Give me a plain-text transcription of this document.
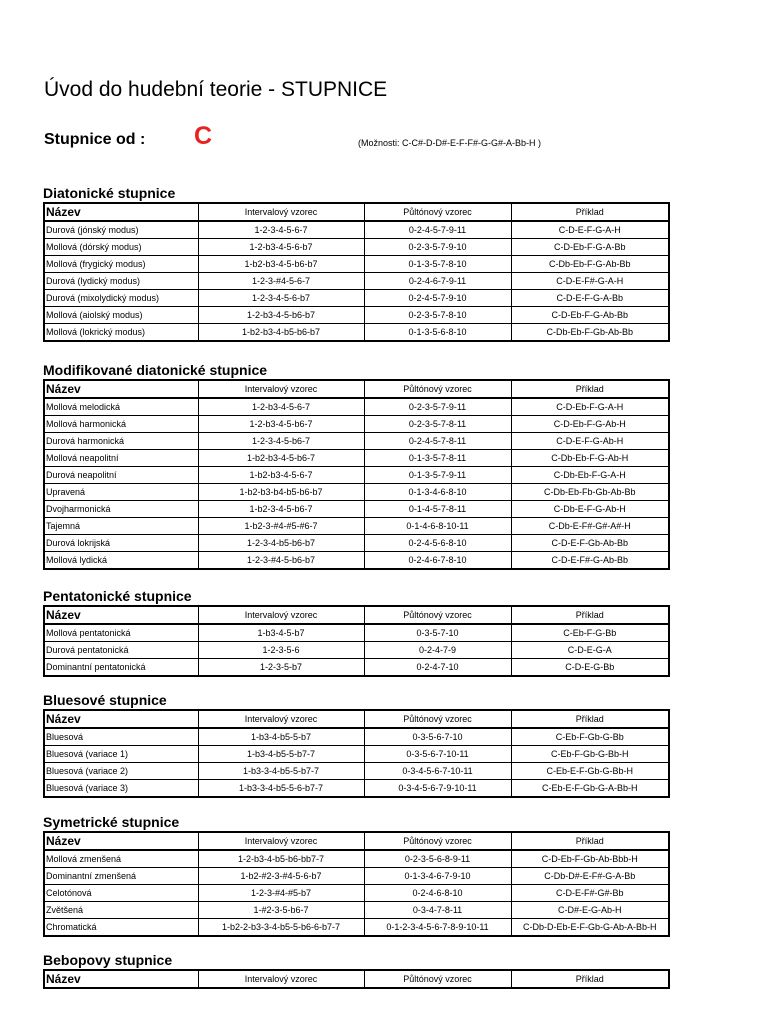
Úvod do hudební teorie - STUPNICE
Stupnice od : C	(Možnosti: C-C#-D-D#-E-F-F#-G-G#-A-Bb-H )
Diatonické stupnice
Název	Intervalový vzorec	Půltónový vzorec	Příklad
Durová (jónský modus)	1-2-3-4-5-6-7	0-2-4-5-7-9-11	C-D-E-F-G-A-H
Mollová (dórský modus)	1-2-b3-4-5-6-b7	0-2-3-5-7-9-10	C-D-Eb-F-G-A-Bb
Mollová (frygický modus)	1-b2-b3-4-5-b6-b7	0-1-3-5-7-8-10	C-Db-Eb-F-G-Ab-Bb
Durová (lydický modus)	1-2-3-#4-5-6-7	0-2-4-6-7-9-11	C-D-E-F#-G-A-H
Durová (mixolydický modus)	1-2-3-4-5-6-b7	0-2-4-5-7-9-10	C-D-E-F-G-A-Bb
Mollová (aiolský modus)	1-2-b3-4-5-b6-b7	0-2-3-5-7-8-10	C-D-Eb-F-G-Ab-Bb
Mollová (lokrický modus)	1-b2-b3-4-b5-b6-b7	0-1-3-5-6-8-10	C-Db-Eb-F-Gb-Ab-Bb
Modifikované diatonické stupnice
Název	Intervalový vzorec	Půltónový vzorec	Příklad
Mollová melodická	1-2-b3-4-5-6-7	0-2-3-5-7-9-11	C-D-Eb-F-G-A-H
Mollová harmonická	1-2-b3-4-5-b6-7	0-2-3-5-7-8-11	C-D-Eb-F-G-Ab-H
Durová harmonická	1-2-3-4-5-b6-7	0-2-4-5-7-8-11	C-D-E-F-G-Ab-H
Mollová neapolitní	1-b2-b3-4-5-b6-7	0-1-3-5-7-8-11	C-Db-Eb-F-G-Ab-H
Durová neapolitní	1-b2-b3-4-5-6-7	0-1-3-5-7-9-11	C-Db-Eb-F-G-A-H
Upravená	1-b2-b3-b4-b5-b6-b7	0-1-3-4-6-8-10	C-Db-Eb-Fb-Gb-Ab-Bb
Dvojharmonická	1-b2-3-4-5-b6-7	0-1-4-5-7-8-11	C-Db-E-F-G-Ab-H
Tajemná	1-b2-3-#4-#5-#6-7	0-1-4-6-8-10-11	C-Db-E-F#-G#-A#-H
Durová lokrijská	1-2-3-4-b5-b6-b7	0-2-4-5-6-8-10	C-D-E-F-Gb-Ab-Bb
Mollová lydická	1-2-3-#4-5-b6-b7	0-2-4-6-7-8-10	C-D-E-F#-G-Ab-Bb
Pentatonické stupnice
Název	Intervalový vzorec	Půltónový vzorec	Příklad
Mollová pentatonická	1-b3-4-5-b7	0-3-5-7-10	C-Eb-F-G-Bb
Durová pentatonická	1-2-3-5-6	0-2-4-7-9	C-D-E-G-A
Dominantní pentatonická	1-2-3-5-b7	0-2-4-7-10	C-D-E-G-Bb
Bluesové stupnice
Název	Intervalový vzorec	Půltónový vzorec	Příklad
Bluesová	1-b3-4-b5-5-b7	0-3-5-6-7-10	C-Eb-F-Gb-G-Bb
Bluesová (variace 1)	1-b3-4-b5-5-b7-7	0-3-5-6-7-10-11	C-Eb-F-Gb-G-Bb-H
Bluesová (variace 2)	1-b3-3-4-b5-5-b7-7	0-3-4-5-6-7-10-11	C-Eb-E-F-Gb-G-Bb-H
Bluesová (variace 3)	1-b3-3-4-b5-5-6-b7-7	0-3-4-5-6-7-9-10-11	C-Eb-E-F-Gb-G-A-Bb-H
Symetrické stupnice
Název	Intervalový vzorec	Půltónový vzorec	Příklad
Mollová zmenšená	1-2-b3-4-b5-b6-bb7-7	0-2-3-5-6-8-9-11	C-D-Eb-F-Gb-Ab-Bbb-H
Dominantní zmenšená	1-b2-#2-3-#4-5-6-b7	0-1-3-4-6-7-9-10	C-Db-D#-E-F#-G-A-Bb
Celotónová	1-2-3-#4-#5-b7	0-2-4-6-8-10	C-D-E-F#-G#-Bb
Zvětšená	1-#2-3-5-b6-7	0-3-4-7-8-11	C-D#-E-G-Ab-H
Chromatická	1-b2-2-b3-3-4-b5-5-b6-6-b7-7	0-1-2-3-4-5-6-7-8-9-10-11	C-Db-D-Eb-E-F-Gb-G-Ab-A-Bb-H
Bebopovy stupnice
Název	Intervalový vzorec	Půltónový vzorec	Příklad
